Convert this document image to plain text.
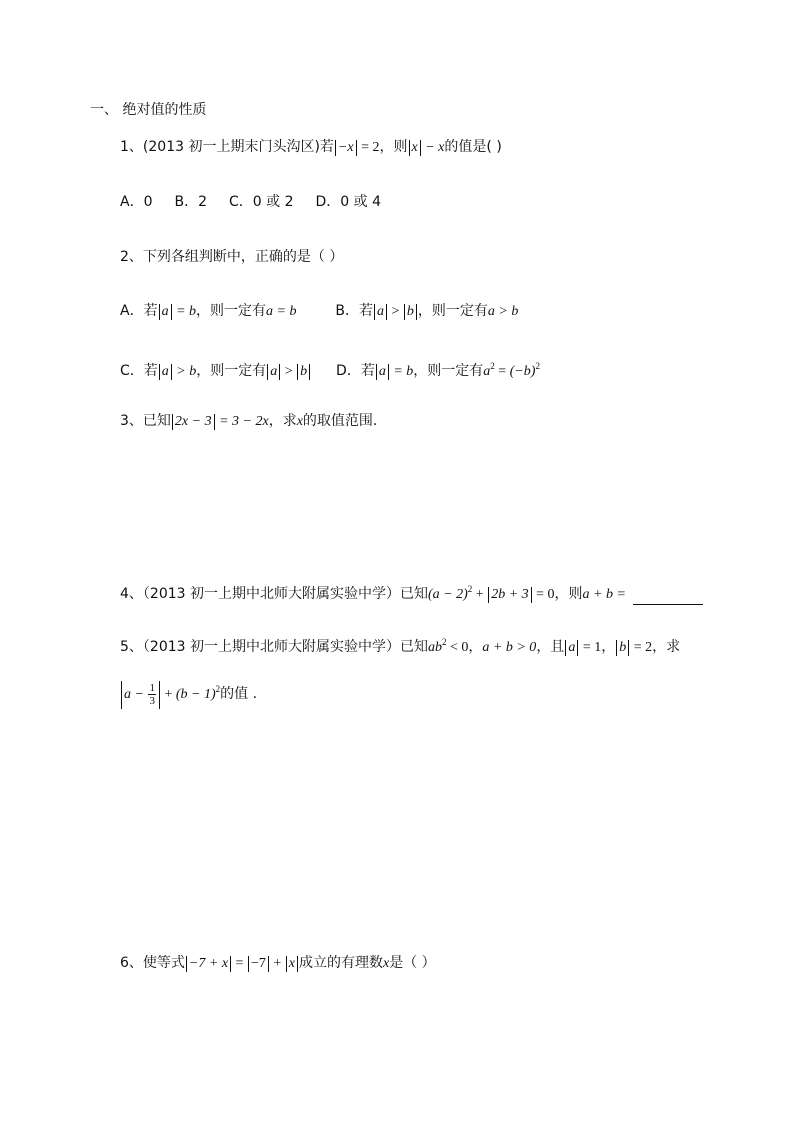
一、 绝对值的性质
1、(2013 初一上期末门头沟区)若 −x = 2，则 x − x的值是( )
A．0 B．2 C．0 或 2 D．0 或 4
2、下列各组判断中，正确的是（ ）
A．若 a = b，则一定有a = b	B．若 a > b ，则一定有a > b
C．若 a > b，则一定有 a > b D．若 a = b，则一定有$a^2 = (-b)^2$
3、已知 2x − 3 = 3 − 2x，求x的取值范围.
4、（2013 初一上期中北师大附属实验中学）已知$(a - 2)^2 + 2b + 3 = 0$，则a + b =
5、（2013 初一上期中北师大附属实验中学）已知$ab^2 < 0$，a + b > 0，且 a = 1， b = 2，求
$a - \frac{1}{3} + (b - 1)^2$的值 .
6、使等式 −7 + x = −7 + x 成立的有理数x是（ ）
